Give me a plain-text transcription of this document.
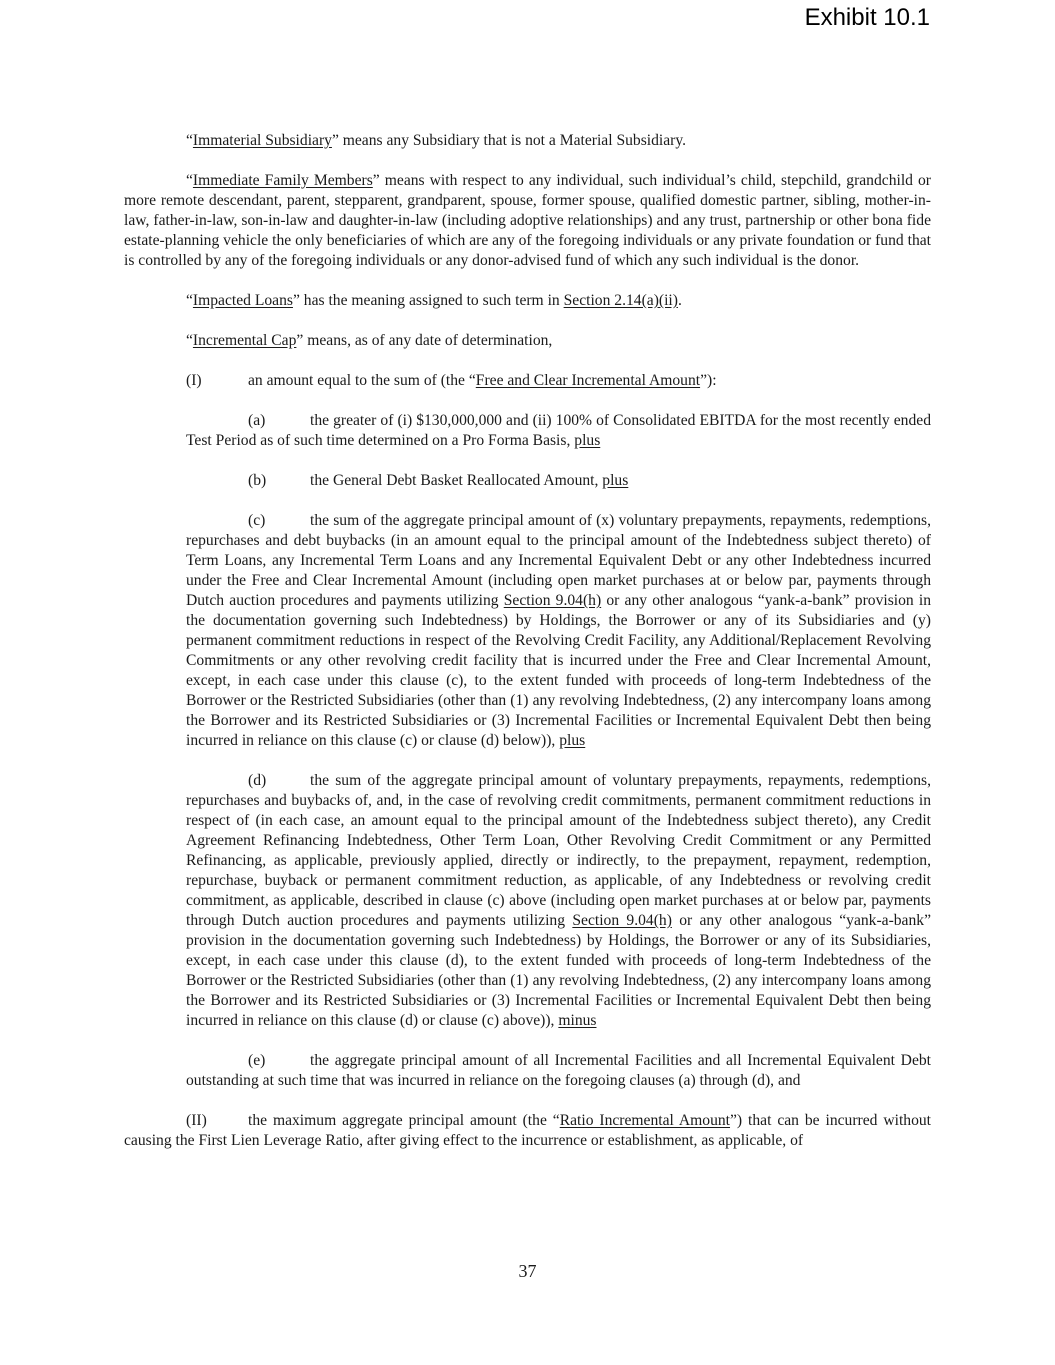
Exhibit 10.1

“Immaterial Subsidiary” means any Subsidiary that is not a Material Subsidiary.

“Immediate Family Members” means with respect to any individual, such individual’s child, stepchild, grandchild or more remote descendant, parent, stepparent, grandparent, spouse, former spouse, qualified domestic partner, sibling, mother-in-law, father-in-law, son-in-law and daughter-in-law (including adoptive relationships) and any trust, partnership or other bona fide estate-planning vehicle the only beneficiaries of which are any of the foregoing individuals or any private foundation or fund that is controlled by any of the foregoing individuals or any donor-advised fund of which any such individual is the donor.

“Impacted Loans” has the meaning assigned to such term in Section 2.14(a)(ii).

“Incremental Cap” means, as of any date of determination,

(I)	an amount equal to the sum of (the “Free and Clear Incremental Amount”):

(a)	the greater of (i) $130,000,000 and (ii) 100% of Consolidated EBITDA for the most recently ended Test Period as of such time determined on a Pro Forma Basis, plus

(b)	the General Debt Basket Reallocated Amount, plus

(c)	the sum of the aggregate principal amount of (x) voluntary prepayments, repayments, redemptions, repurchases and debt buybacks (in an amount equal to the principal amount of the Indebtedness subject thereto) of Term Loans, any Incremental Term Loans and any Incremental Equivalent Debt or any other Indebtedness incurred under the Free and Clear Incremental Amount (including open market purchases at or below par, payments through Dutch auction procedures and payments utilizing Section 9.04(h) or any other analogous “yank-a-bank” provision in the documentation governing such Indebtedness) by Holdings, the Borrower or any of its Subsidiaries and (y) permanent commitment reductions in respect of the Revolving Credit Facility, any Additional/Replacement Revolving Commitments or any other revolving credit facility that is incurred under the Free and Clear Incremental Amount, except, in each case under this clause (c), to the extent funded with proceeds of long-term Indebtedness of the Borrower or the Restricted Subsidiaries (other than (1) any revolving Indebtedness, (2) any intercompany loans among the Borrower and its Restricted Subsidiaries or (3) Incremental Facilities or Incremental Equivalent Debt then being incurred in reliance on this clause (c) or clause (d) below)), plus

(d)	the sum of the aggregate principal amount of voluntary prepayments, repayments, redemptions, repurchases and buybacks of, and, in the case of revolving credit commitments, permanent commitment reductions in respect of (in each case, an amount equal to the principal amount of the Indebtedness subject thereto), any Credit Agreement Refinancing Indebtedness, Other Term Loan, Other Revolving Credit Commitment or any Permitted Refinancing, as applicable, previously applied, directly or indirectly, to the prepayment, repayment, redemption, repurchase, buyback or permanent commitment reduction, as applicable, of any Indebtedness or revolving credit commitment, as applicable, described in clause (c) above (including open market purchases at or below par, payments through Dutch auction procedures and payments utilizing Section 9.04(h) or any other analogous “yank-a-bank” provision in the documentation governing such Indebtedness) by Holdings, the Borrower or any of its Subsidiaries, except, in each case under this clause (d), to the extent funded with proceeds of long-term Indebtedness of the Borrower or the Restricted Subsidiaries (other than (1) any revolving Indebtedness, (2) any intercompany loans among the Borrower and its Restricted Subsidiaries or (3) Incremental Facilities or Incremental Equivalent Debt then being incurred in reliance on this clause (d) or clause (c) above)), minus

(e)	the aggregate principal amount of all Incremental Facilities and all Incremental Equivalent Debt outstanding at such time that was incurred in reliance on the foregoing clauses (a) through (d), and

(II)	the maximum aggregate principal amount (the “Ratio Incremental Amount”) that can be incurred without causing the First Lien Leverage Ratio, after giving effect to the incurrence or establishment, as applicable, of

37
